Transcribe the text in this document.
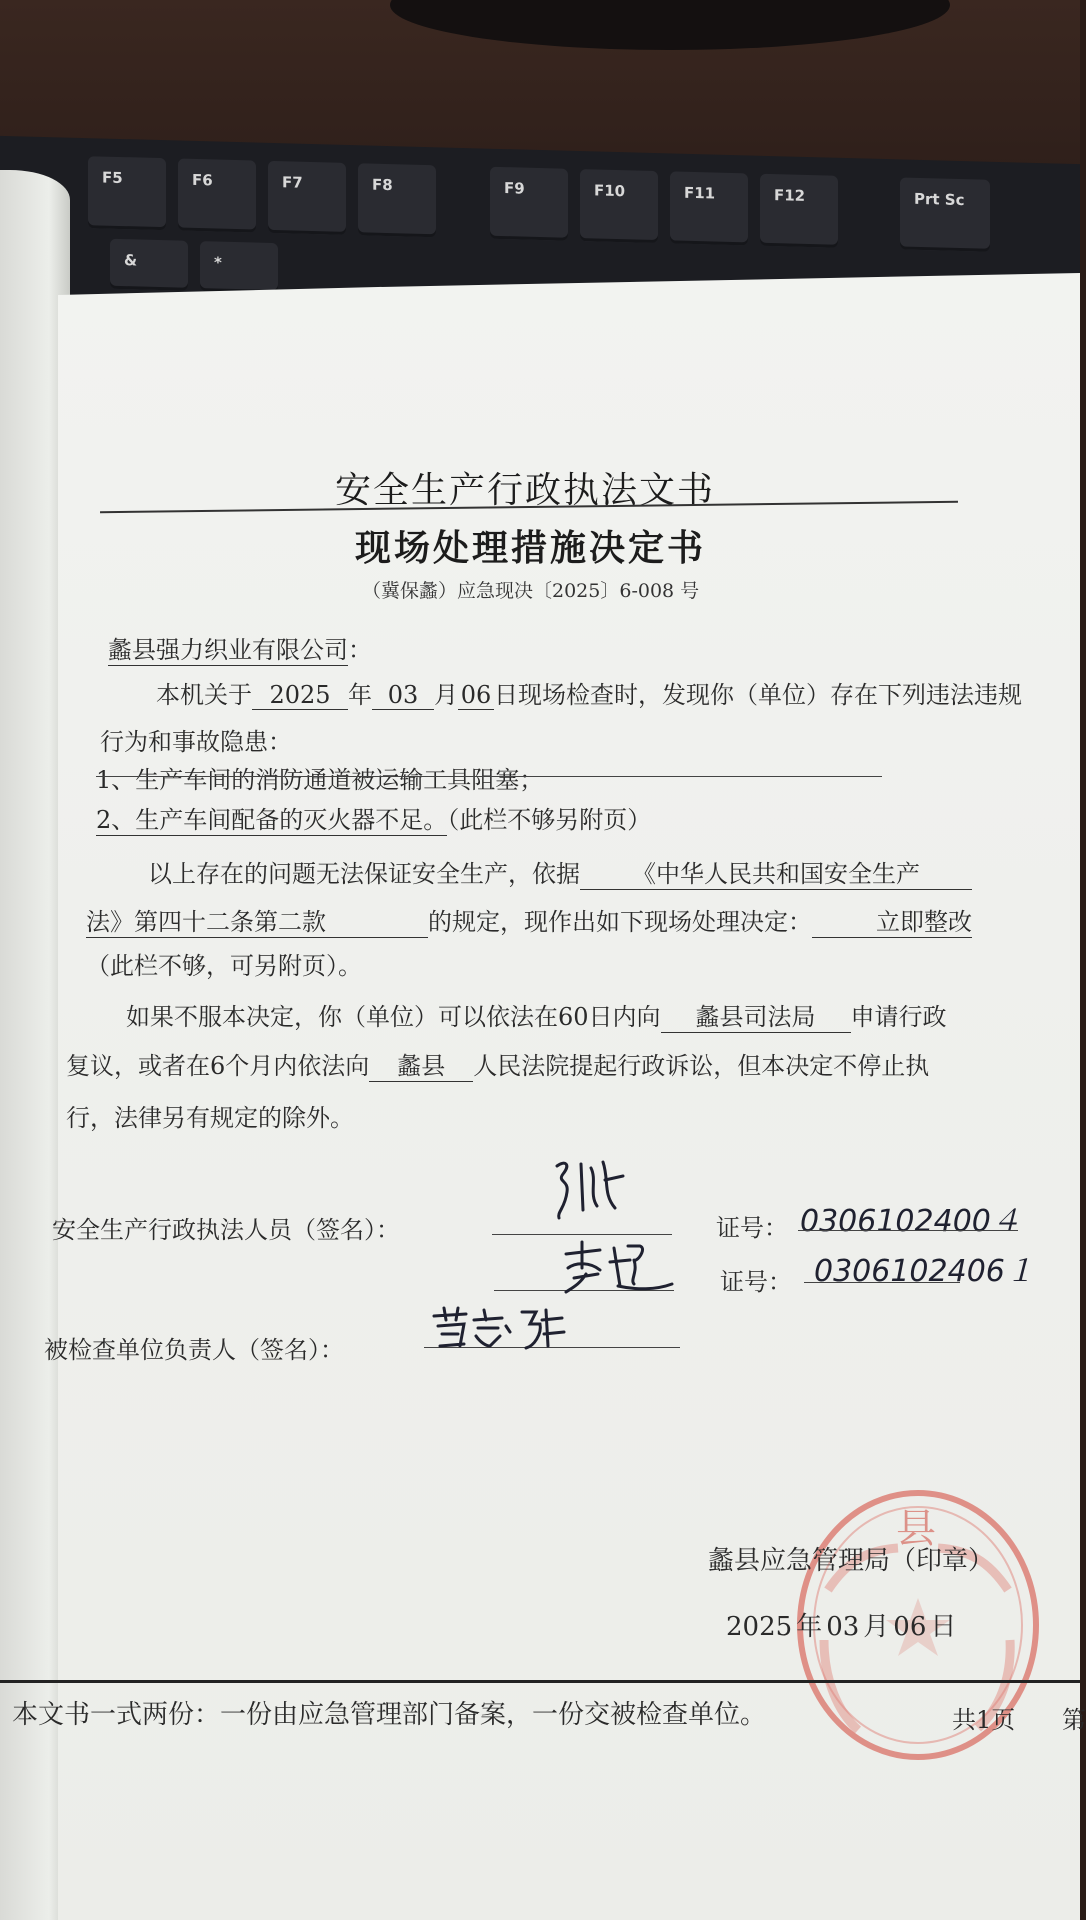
F5	F6	F7	F8	F9	F10	F11	F12	Prt Sc
&	*
安全生产行政执法文书
现场处理措施决定书
（冀保蠡）应急现决〔2025〕6-008 号
蠡县强力织业有限公司：
本机关于 2025 年 03 月 06 日现场检查时，发现你（单位）存在下列违法违规
行为和事故隐患：
1、生产车间的消防通道被运输工具阻塞；
2、生产车间配备的灭火器不足。（此栏不够另附页）
以上存在的问题无法保证安全生产，依据 《中华人民共和国安全生产
法》第四十二条第二款	的规定，现作出如下现场处理决定：	立即整改
（此栏不够，可另附页）。
如果不服本决定，你（单位）可以依法在60日内向 蠡县司法局 申请行政
复议，或者在6个月内依法向 蠡县 人民法院提起行政诉讼，但本决定不停止执
行，法律另有规定的除外。
安全生产行政执法人员（签名）：	张彬
李超
证号： 0306102400４
证号： 0306102406１
被检查单位负责人（签名）：	黄志强
县
蠡县应急管理局（印章）
2025 年 03 月 06 日
本文书一式两份：一份由应急管理部门备案，一份交被检查单位。	共1页 第
